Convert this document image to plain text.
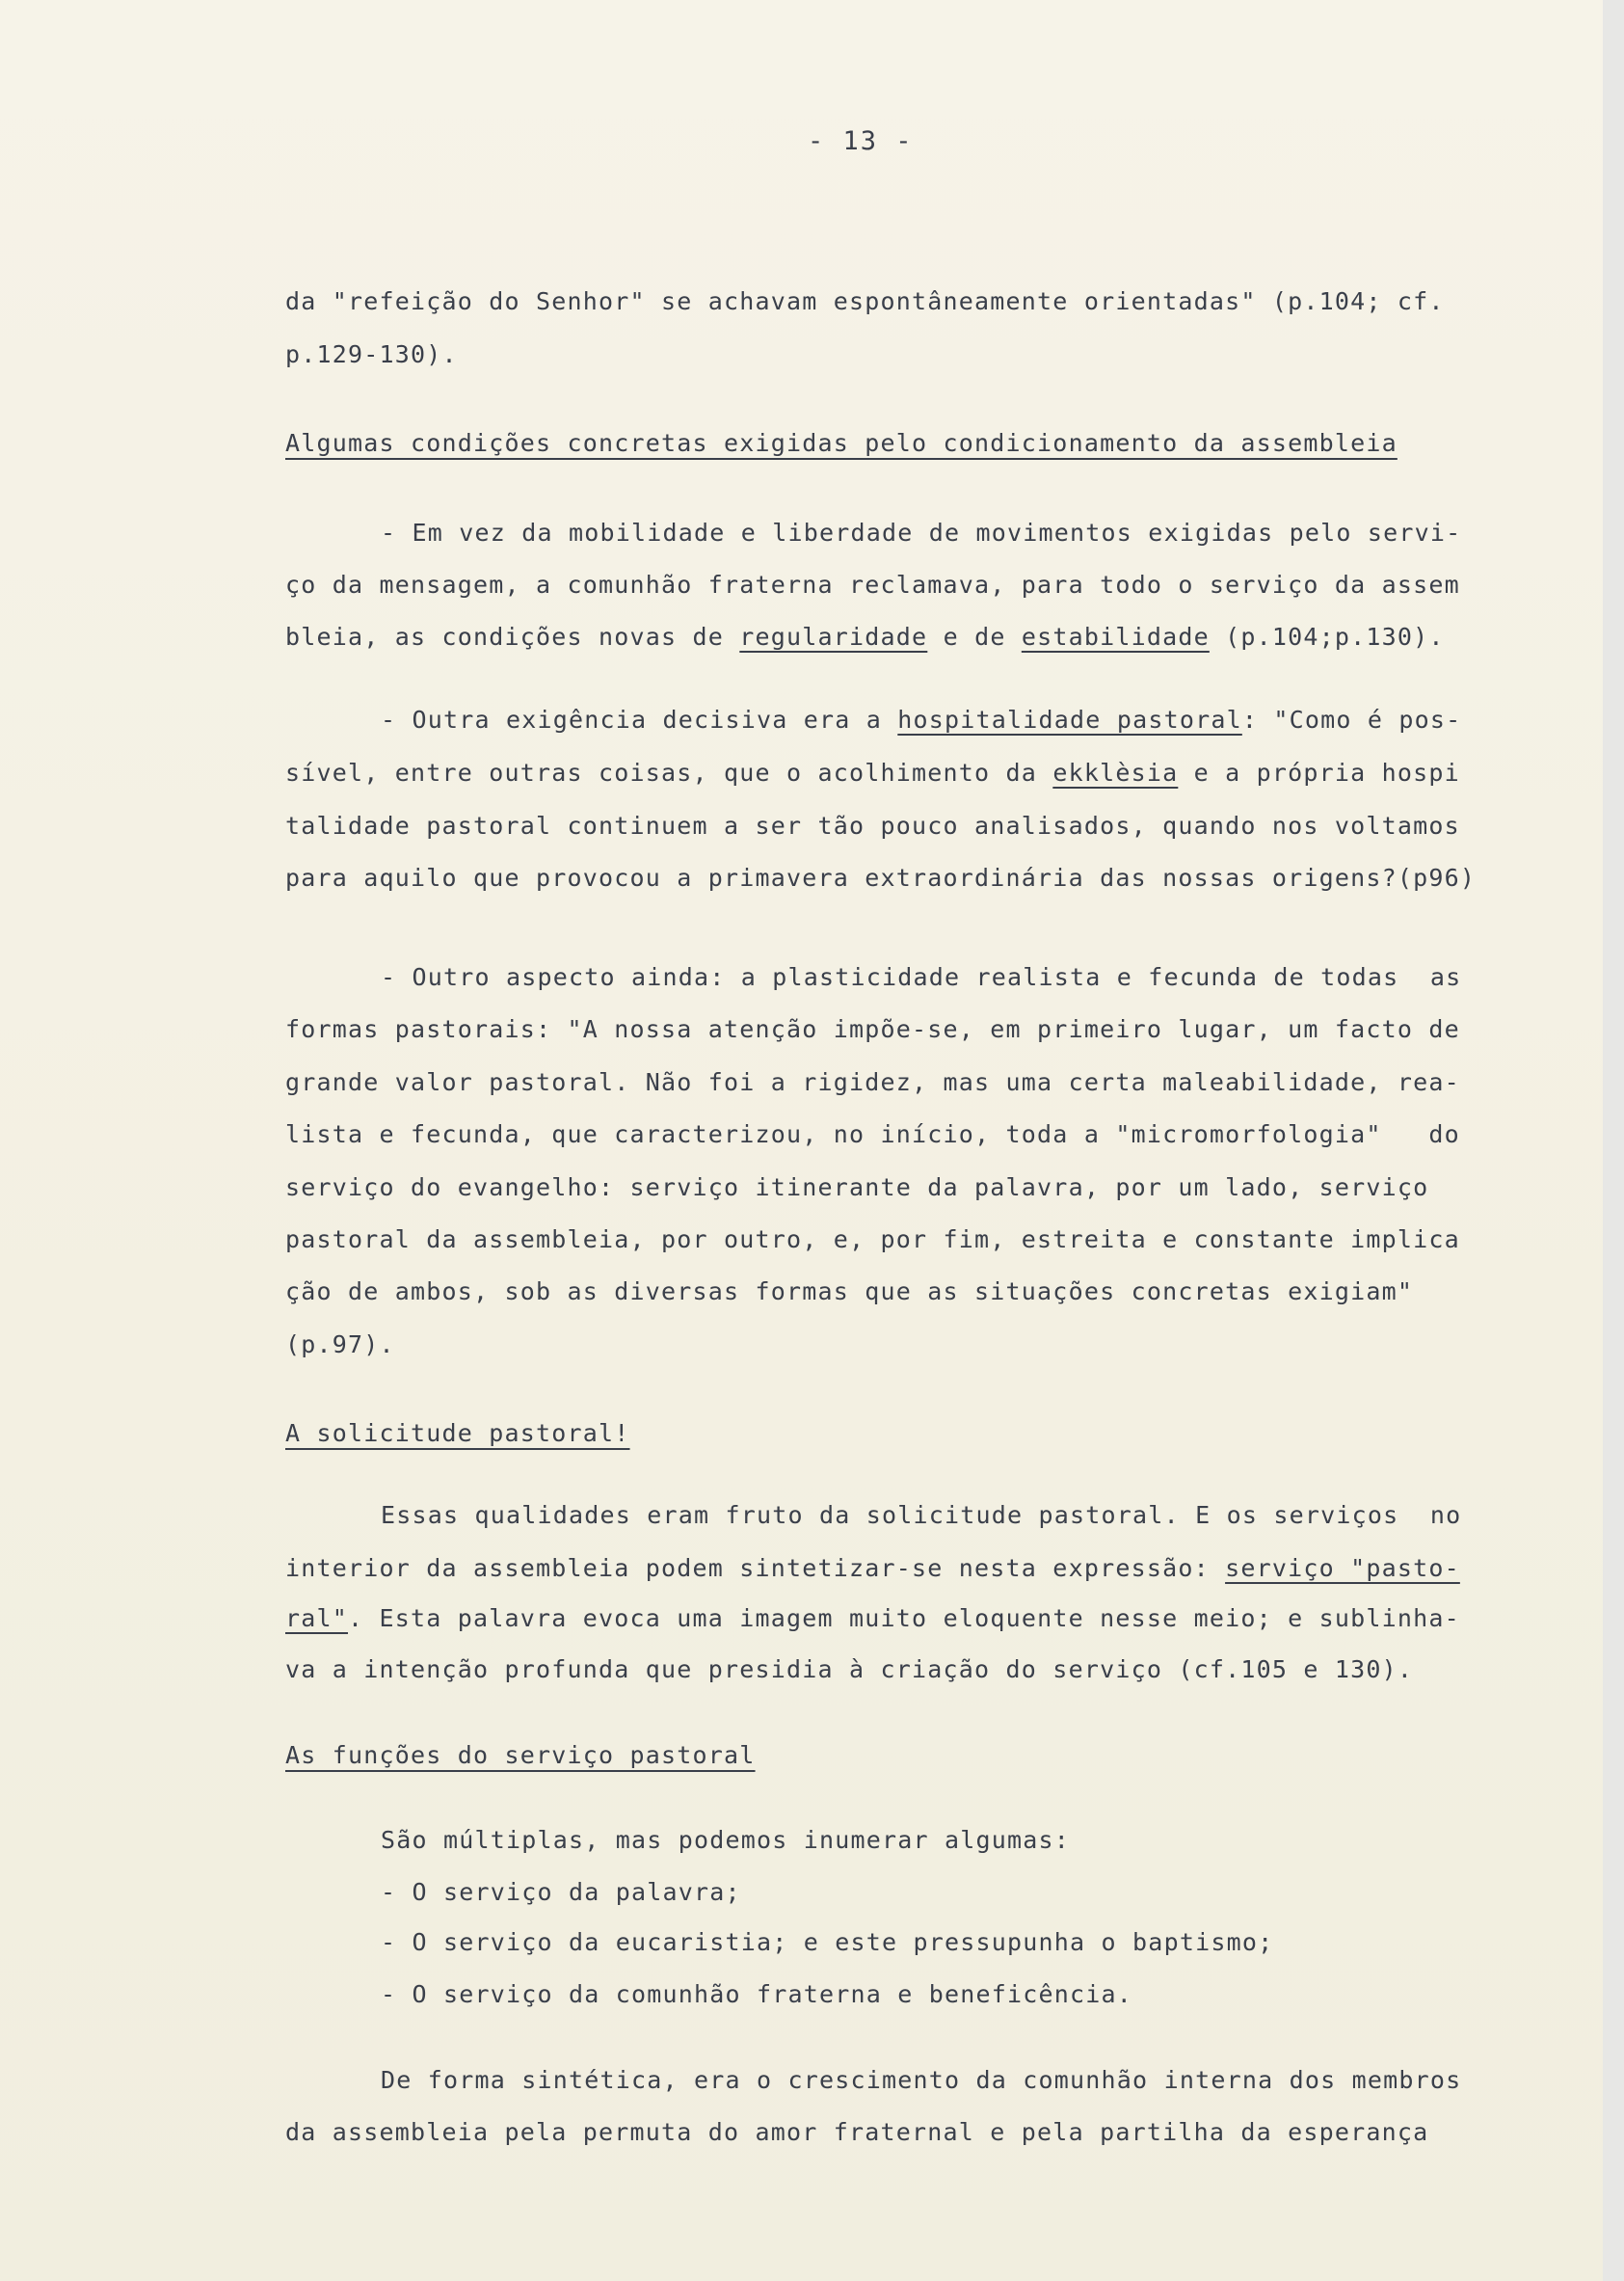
- 13 -
da "refeição do Senhor" se achavam espontâneamente orientadas" (p.104; cf.
p.129-130).
Algumas condições concretas exigidas pelo condicionamento da assembleia
- Em vez da mobilidade e liberdade de movimentos exigidas pelo servi-
ço da mensagem, a comunhão fraterna reclamava, para todo o serviço da assem
bleia, as condições novas de regularidade e de estabilidade (p.104;p.130).
- Outra exigência decisiva era a hospitalidade pastoral: "Como é pos-
sível, entre outras coisas, que o acolhimento da ekklèsia e a própria hospi
talidade pastoral continuem a ser tão pouco analisados, quando nos voltamos
para aquilo que provocou a primavera extraordinária das nossas origens?(p96)
- Outro aspecto ainda: a plasticidade realista e fecunda de todas  as
formas pastorais: "A nossa atenção impõe-se, em primeiro lugar, um facto de
grande valor pastoral. Não foi a rigidez, mas uma certa maleabilidade, rea-
lista e fecunda, que caracterizou, no início, toda a "micromorfologia"   do
serviço do evangelho: serviço itinerante da palavra, por um lado, serviço
pastoral da assembleia, por outro, e, por fim, estreita e constante implica
ção de ambos, sob as diversas formas que as situações concretas exigiam"
(p.97).
A solicitude pastoral!
Essas qualidades eram fruto da solicitude pastoral. E os serviços  no
interior da assembleia podem sintetizar-se nesta expressão: serviço "pasto-
ral". Esta palavra evoca uma imagem muito eloquente nesse meio; e sublinha-
va a intenção profunda que presidia à criação do serviço (cf.105 e 130).
As funções do serviço pastoral
São múltiplas, mas podemos inumerar algumas:
- O serviço da palavra;
- O serviço da eucaristia; e este pressupunha o baptismo;
- O serviço da comunhão fraterna e beneficência.
De forma sintética, era o crescimento da comunhão interna dos membros
da assembleia pela permuta do amor fraternal e pela partilha da esperança
